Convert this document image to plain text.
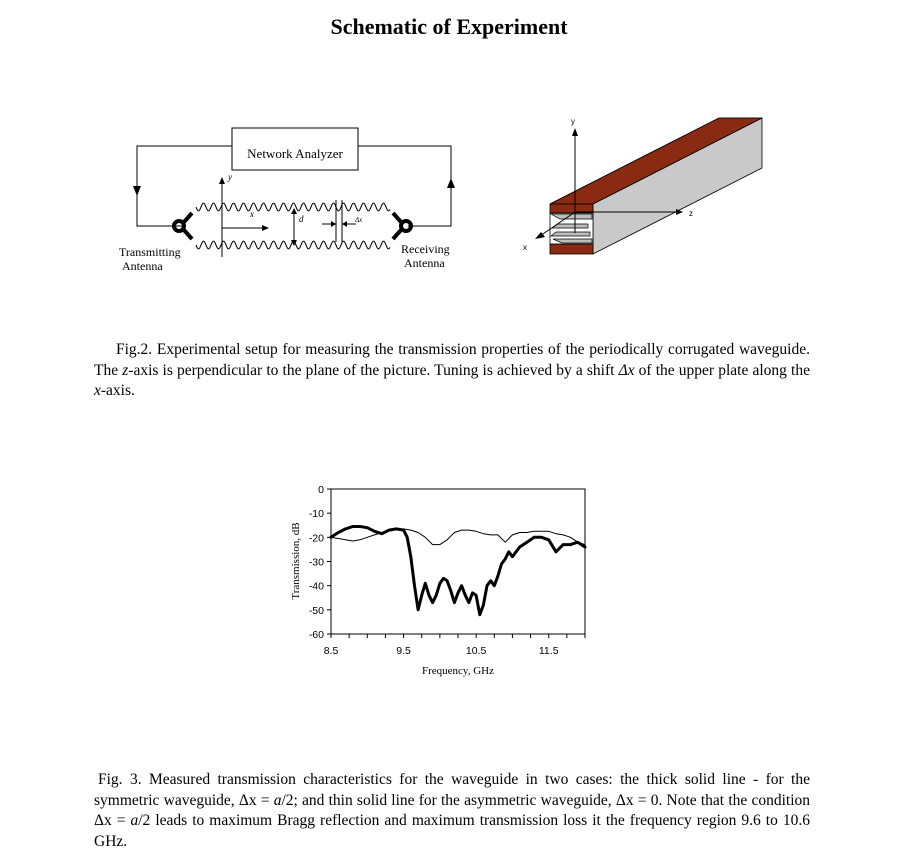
Schematic of Experiment
Network Analyzer
y
x	d	Δx
Transmitting Antenna
Receiving Antenna
y
z
x
Fig.2. Experimental setup for measuring the transmission properties of the periodically corrugated waveguide. The z-axis is perpendicular to the plane of the picture. Tuning is achieved by a shift Δx of the upper plate along the x-axis.
0
-10
-20
-30
-40
-50
-60
8.5	9.5	10.5	11.5
Frequency, GHz
Transmission, dB
Fig. 3. Measured transmission characteristics for the waveguide in two cases: the thick solid line - for the symmetric waveguide, Δx = a/2; and thin solid line for the asymmetric waveguide, Δx = 0. Note that the condition Δx = a/2 leads to maximum Bragg reflection and maximum transmission loss it the frequency region 9.6 to 10.6 GHz.
